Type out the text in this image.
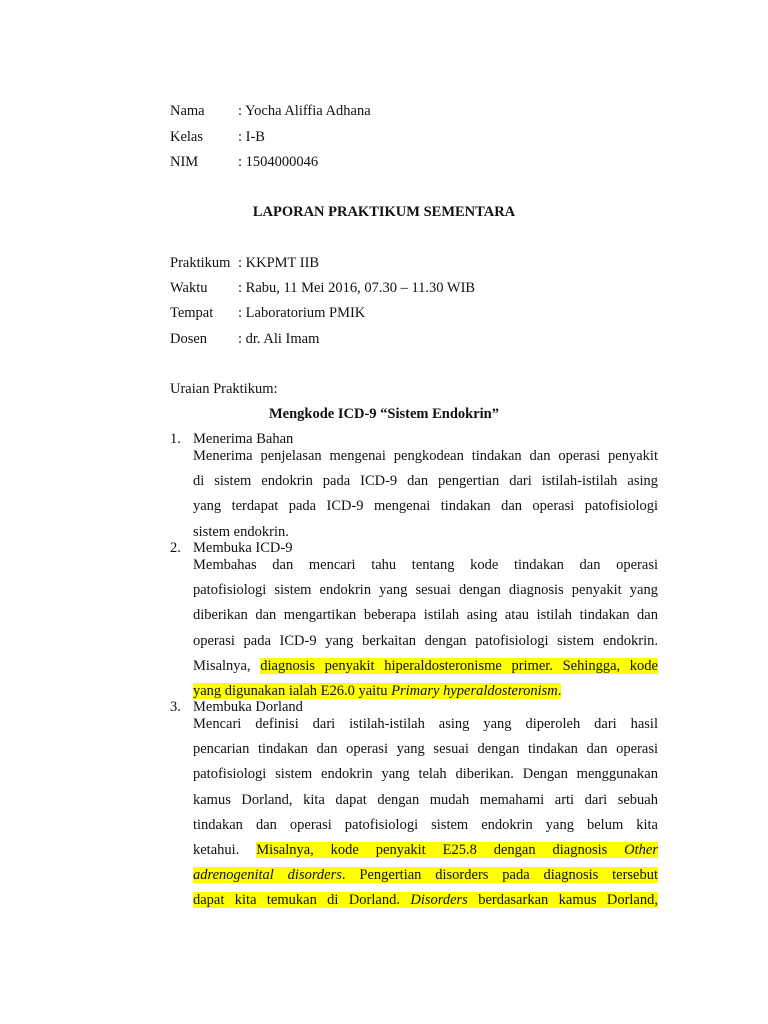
Nama : Yocha Aliffia Adhana
Kelas : I-B
NIM	: 1504000046
LAPORAN PRAKTIKUM SEMENTARA
Praktikum : KKPMT IIB
Waktu : Rabu, 11 Mei 2016, 07.30 – 11.30 WIB
Tempat : Laboratorium PMIK
Dosen : dr. Ali Imam
Uraian Praktikum:
Mengkode ICD-9 “Sistem Endokrin”
1. Menerima Bahan
Menerima penjelasan mengenai pengkodean tindakan dan operasi penyakit
di sistem endokrin pada ICD-9 dan pengertian dari istilah-istilah asing
yang terdapat pada ICD-9 mengenai tindakan dan operasi patofisiologi
sistem endokrin.
2. Membuka ICD-9
Membahas dan mencari tahu tentang kode tindakan dan operasi
patofisiologi sistem endokrin yang sesuai dengan diagnosis penyakit yang
diberikan dan mengartikan beberapa istilah asing atau istilah tindakan dan
operasi pada ICD-9 yang berkaitan dengan patofisiologi sistem endokrin.
Misalnya, diagnosis penyakit hiperaldosteronisme primer. Sehingga, kode
yang digunakan ialah E26.0 yaitu Primary hyperaldosteronism.
3. Membuka Dorland
Mencari definisi dari istilah-istilah asing yang diperoleh dari hasil
pencarian tindakan dan operasi yang sesuai dengan tindakan dan operasi
patofisiologi sistem endokrin yang telah diberikan. Dengan menggunakan
kamus Dorland, kita dapat dengan mudah memahami arti dari sebuah
tindakan dan operasi patofisiologi sistem endokrin yang belum kita
ketahui. Misalnya, kode penyakit E25.8 dengan diagnosis Other
adrenogenital disorders. Pengertian disorders pada diagnosis tersebut
dapat kita temukan di Dorland. Disorders berdasarkan kamus Dorland,
